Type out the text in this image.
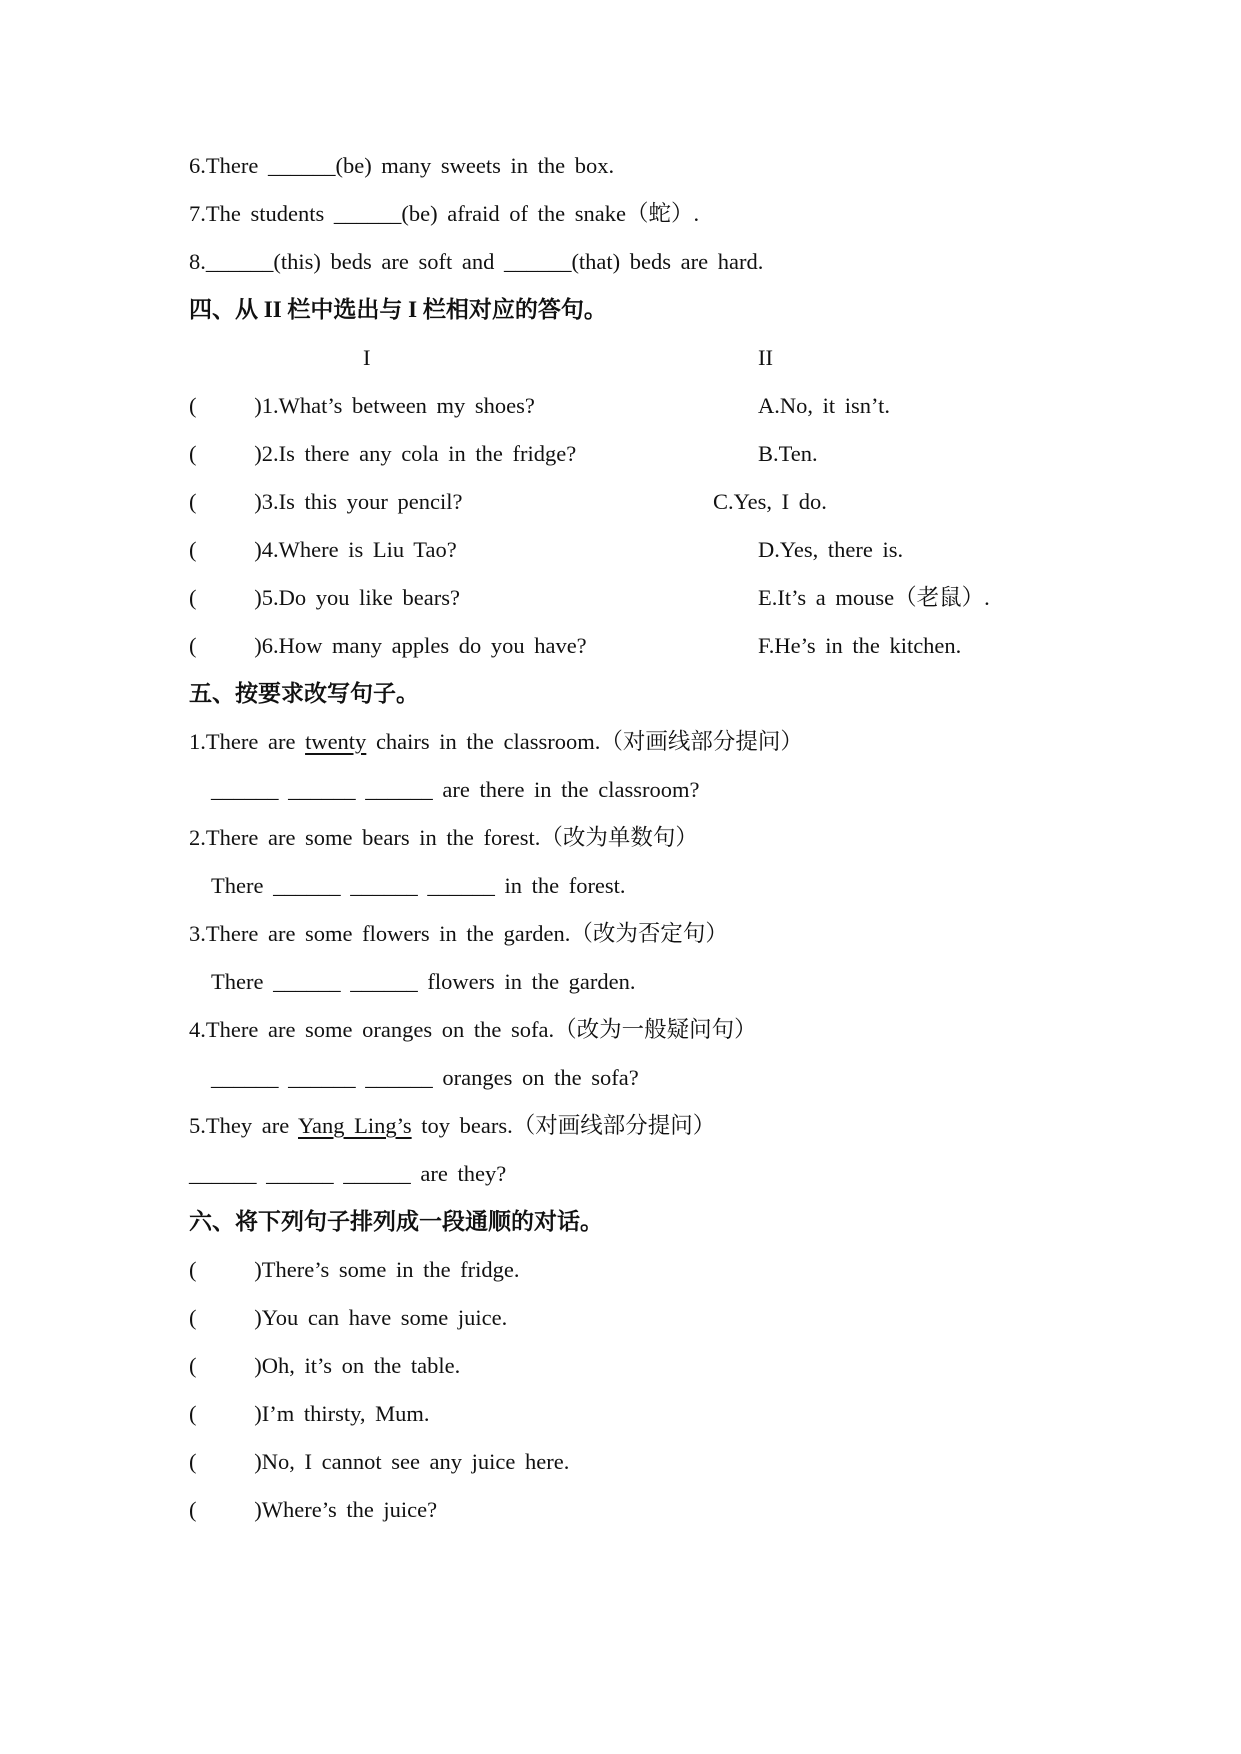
6.There ______(be) many sweets in the box.
7.The students ______(be) afraid of the snake（蛇）.
8.______(this) beds are soft and ______(that) beds are hard.
四、从 II 栏中选出与 I 栏相对应的答句。
I	II
(      )1.What’s between my shoes?	A.No, it isn’t.
(      )2.Is there any cola in the fridge?	B.Ten.
(      )3.Is this your pencil?	C.Yes, I do.
(      )4.Where is Liu Tao?	D.Yes, there is.
(      )5.Do you like bears?	E.It’s a mouse（老鼠）.
(      )6.How many apples do you have?	F.He’s in the kitchen.
五、按要求改写句子。
1.There are twenty chairs in the classroom.（对画线部分提问）
______ ______ ______ are there in the classroom?
2.There are some bears in the forest.（改为单数句）
There ______ ______ ______ in the forest.
3.There are some flowers in the garden.（改为否定句）
There ______ ______ flowers in the garden.
4.There are some oranges on the sofa.（改为一般疑问句）
______ ______ ______ oranges on the sofa?
5.They are Yang Ling’s toy bears.（对画线部分提问）
______ ______ ______ are they?
六、将下列句子排列成一段通顺的对话。
(      )There’s some in the fridge.
(      )You can have some juice.
(      )Oh, it’s on the table.
(      )I’m thirsty, Mum.
(      )No, I cannot see any juice here.
(      )Where’s the juice?
